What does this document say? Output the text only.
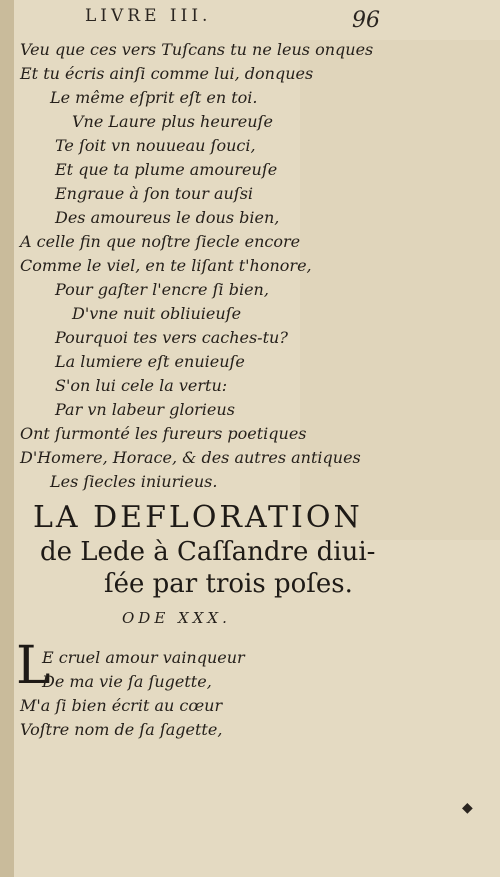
LIVRE III.	96
Veu que ces vers Tuſcans tu ne leus onques
Et tu écris ainſi comme lui, donques
Le même eſprit eſt en toi.
Vne Laure plus heureuſe
Te ſoit vn nouueau ſouci,
Et que ta plume amoureuſe
Engraue à ſon tour auſsi
Des amoureus le dous bien,
A celle fin que noſtre ſiecle encore
Comme le viel, en te liſant t'honore,
Pour gaſter l'encre ſi bien,
D'vne nuit obliuieuſe
Pourquoi tes vers caches-tu?
La lumiere eſt enuieuſe
S'on lui cele la vertu:
Par vn labeur glorieus
Ont ſurmonté les fureurs poetiques
D'Homere, Horace, & des autres antiques
Les ſiecles iniurieus.
LA DEFLORATION
de Lede à Caſſandre diui-
ſée par trois poſes.
ODE XXX.
L
E cruel amour vainqueur
De ma vie ſa ſugette,
M'a ſi bien écrit au cœur
Voſtre nom de ſa ſagette,
◆
